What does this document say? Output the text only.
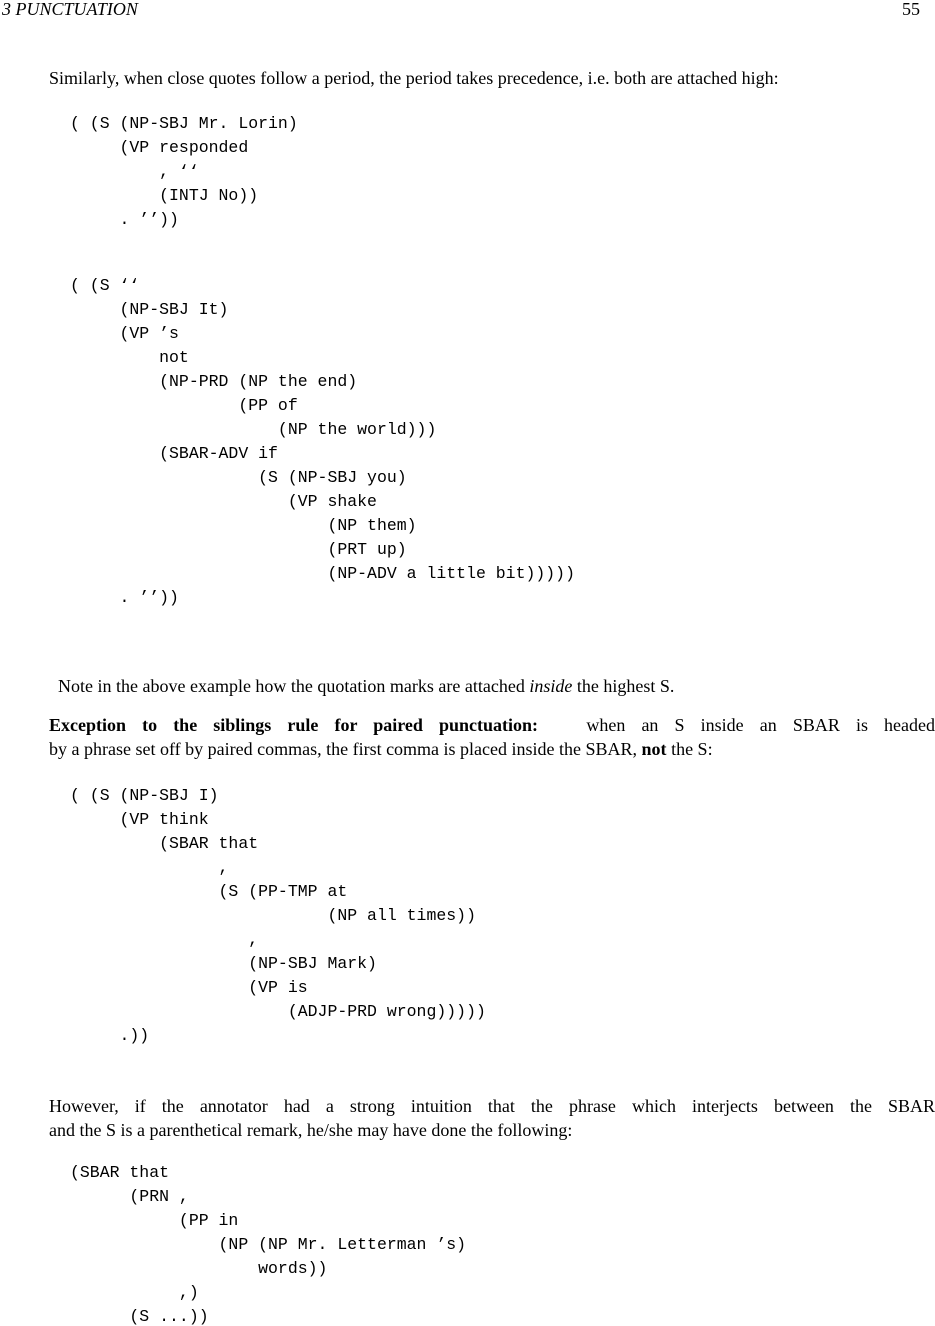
3 PUNCTUATION	55
Similarly, when close quotes follow a period, the period takes precedence, i.e. both are attached high:
( (S (NP-SBJ Mr. Lorin)
(VP responded
, ‘‘
(INTJ No))
. ’’))
( (S ‘‘
(NP-SBJ It)
(VP ’s
not
(NP-PRD (NP the end)
(PP of
(NP the world)))
(SBAR-ADV if
(S (NP-SBJ you)
(VP shake
(NP them)
(PRT up)
(NP-ADV a little bit)))))
. ’’))

Note in the above example how the quotation marks are attached inside the highest S.

Exception to the siblings rule for paired punctuation:	when an S inside an SBAR is headed
by a phrase set off by paired commas, the first comma is placed inside the SBAR, not the S:
( (S (NP-SBJ I)
(VP think
(SBAR that
,
(S (PP-TMP at
(NP all times))
,
(NP-SBJ Mark)
(VP is
(ADJP-PRD wrong)))))
.))
However, if the annotator had a strong intuition that the phrase which interjects between the SBAR
and the S is a parenthetical remark, he/she may have done the following:
(SBAR that
(PRN ,
(PP in
(NP (NP Mr. Letterman ’s)
words))
,)
(S ...))
